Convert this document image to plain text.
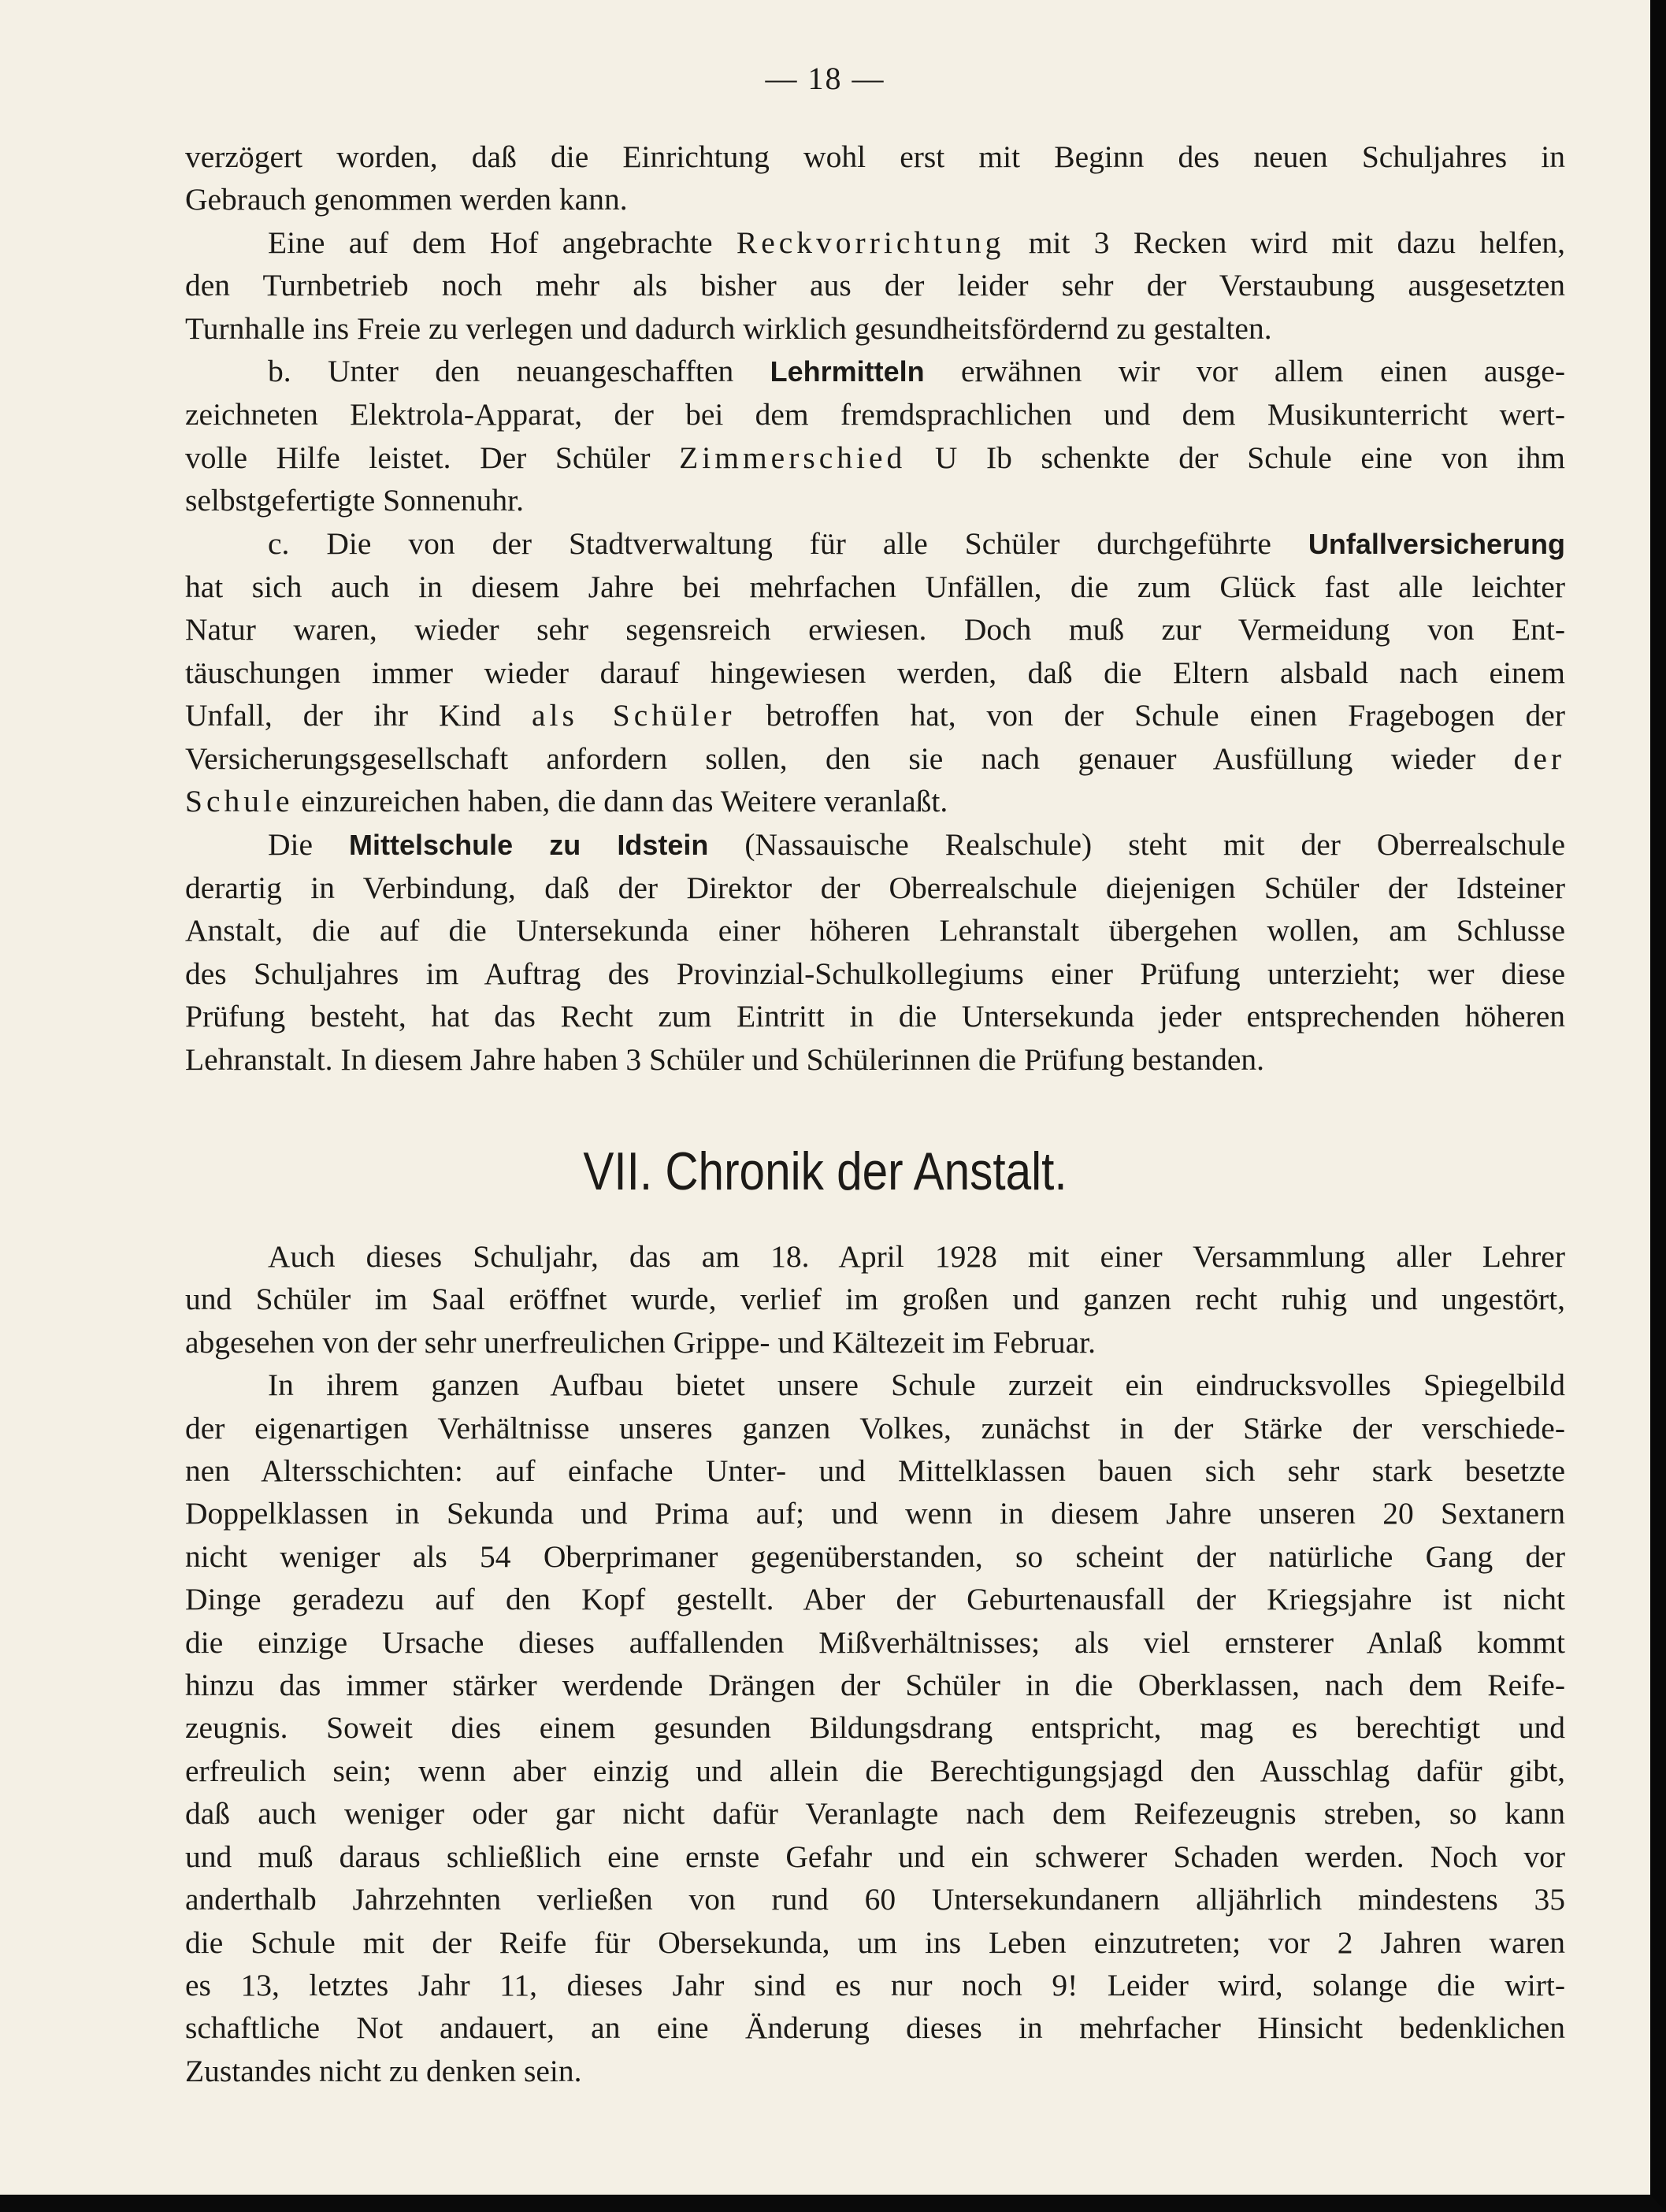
— 18 —
verzögert worden, daß die Einrichtung wohl erst mit Beginn des neuen Schuljahres in
Gebrauch genommen werden kann.
Eine auf dem Hof angebrachte Reckvorrichtung mit 3 Recken wird mit dazu helfen,
den Turnbetrieb noch mehr als bisher aus der leider sehr der Verstaubung ausgesetzten
Turnhalle ins Freie zu verlegen und dadurch wirklich gesundheitsfördernd zu gestalten.
b. Unter den neuangeschafften Lehrmitteln erwähnen wir vor allem einen ausge-
zeichneten Elektrola-Apparat, der bei dem fremdsprachlichen und dem Musikunterricht wert-
volle Hilfe leistet. Der Schüler Zimmerschied U Ib schenkte der Schule eine von ihm
selbstgefertigte Sonnenuhr.
c. Die von der Stadtverwaltung für alle Schüler durchgeführte Unfallversicherung
hat sich auch in diesem Jahre bei mehrfachen Unfällen, die zum Glück fast alle leichter
Natur waren, wieder sehr segensreich erwiesen. Doch muß zur Vermeidung von Ent-
täuschungen immer wieder darauf hingewiesen werden, daß die Eltern alsbald nach einem
Unfall, der ihr Kind als Schüler betroffen hat, von der Schule einen Fragebogen der
Versicherungsgesellschaft anfordern sollen, den sie nach genauer Ausfüllung wieder der
Schule einzureichen haben, die dann das Weitere veranlaßt.
Die Mittelschule zu Idstein (Nassauische Realschule) steht mit der Oberrealschule
derartig in Verbindung, daß der Direktor der Oberrealschule diejenigen Schüler der Idsteiner
Anstalt, die auf die Untersekunda einer höheren Lehranstalt übergehen wollen, am Schlusse
des Schuljahres im Auftrag des Provinzial-Schulkollegiums einer Prüfung unterzieht; wer diese
Prüfung besteht, hat das Recht zum Eintritt in die Untersekunda jeder entsprechenden höheren
Lehranstalt. In diesem Jahre haben 3 Schüler und Schülerinnen die Prüfung bestanden.
VII. Chronik der Anstalt.
Auch dieses Schuljahr, das am 18. April 1928 mit einer Versammlung aller Lehrer
und Schüler im Saal eröffnet wurde, verlief im großen und ganzen recht ruhig und ungestört,
abgesehen von der sehr unerfreulichen Grippe- und Kältezeit im Februar.
In ihrem ganzen Aufbau bietet unsere Schule zurzeit ein eindrucksvolles Spiegelbild
der eigenartigen Verhältnisse unseres ganzen Volkes, zunächst in der Stärke der verschiede-
nen Altersschichten: auf einfache Unter- und Mittelklassen bauen sich sehr stark besetzte
Doppelklassen in Sekunda und Prima auf; und wenn in diesem Jahre unseren 20 Sextanern
nicht weniger als 54 Oberprimaner gegenüberstanden, so scheint der natürliche Gang der
Dinge geradezu auf den Kopf gestellt. Aber der Geburtenausfall der Kriegsjahre ist nicht
die einzige Ursache dieses auffallenden Mißverhältnisses; als viel ernsterer Anlaß kommt
hinzu das immer stärker werdende Drängen der Schüler in die Oberklassen, nach dem Reife-
zeugnis. Soweit dies einem gesunden Bildungsdrang entspricht, mag es berechtigt und
erfreulich sein; wenn aber einzig und allein die Berechtigungsjagd den Ausschlag dafür gibt,
daß auch weniger oder gar nicht dafür Veranlagte nach dem Reifezeugnis streben, so kann
und muß daraus schließlich eine ernste Gefahr und ein schwerer Schaden werden. Noch vor
anderthalb Jahrzehnten verließen von rund 60 Untersekundanern alljährlich mindestens 35
die Schule mit der Reife für Obersekunda, um ins Leben einzutreten; vor 2 Jahren waren
es 13, letztes Jahr 11, dieses Jahr sind es nur noch 9! Leider wird, solange die wirt-
schaftliche Not andauert, an eine Änderung dieses in mehrfacher Hinsicht bedenklichen
Zustandes nicht zu denken sein.
